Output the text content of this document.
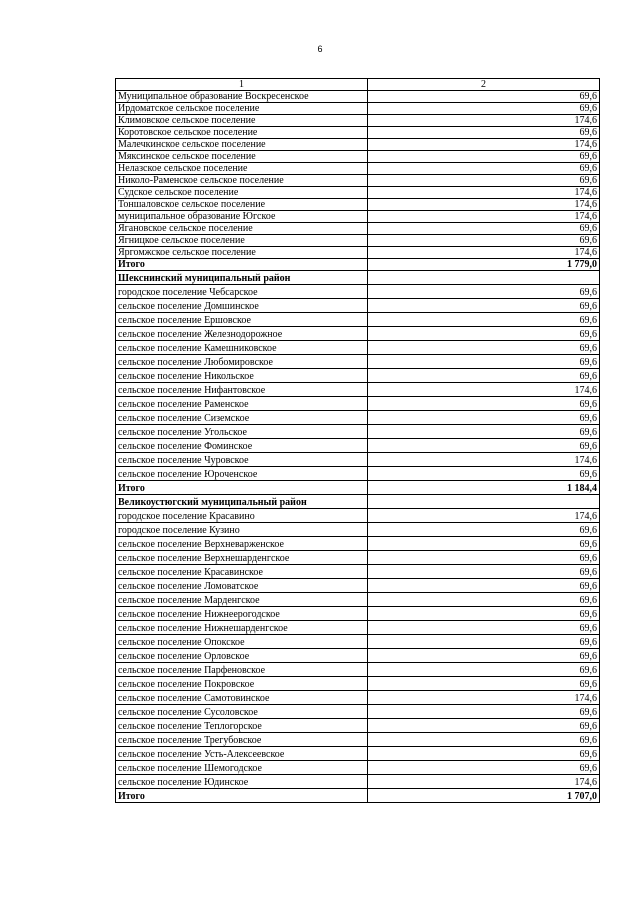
6
1	2
Муниципальное образование Воскресенское	69,6
Ирдоматское сельское поселение	69,6
Климовское сельское поселение	174,6
Коротовское сельское поселение	69,6
Малечкинское сельское поселение	174,6
Мяксинское сельское поселение	69,6
Нелазское сельское поселение	69,6
Николо-Раменское сельское поселение	69,6
Судское сельское поселение	174,6
Тоншаловское сельское поселение	174,6
муниципальное образование Югское	174,6
Ягановское сельское поселение	69,6
Ягницкое сельское поселение	69,6
Яргомжское сельское поселение	174,6
Итого	1 779,0
Шекснинский муниципальный район	
городское поселение Чебсарское	69,6
сельское поселение Домшинское	69,6
сельское поселение Ершовское	69,6
сельское поселение Железнодорожное	69,6
сельское поселение Камешниковское	69,6
сельское поселение Любомировское	69,6
сельское поселение Никольское	69,6
сельское поселение Нифантовское	174,6
сельское поселение Раменское	69,6
сельское поселение Сиземское	69,6
сельское поселение Угольское	69,6
сельское поселение Фоминское	69,6
сельское поселение Чуровское	174,6
сельское поселение Юроченское	69,6
Итого	1 184,4
Великоустюгский муниципальный район	
городское поселение Красавино	174,6
городское поселение Кузино	69,6
сельское поселение Верхневарженское	69,6
сельское поселение Верхнешарденгское	69,6
сельское поселение Красавинское	69,6
сельское поселение Ломоватское	69,6
сельское поселение Марденгское	69,6
сельское поселение Нижнеерогодское	69,6
сельское поселение Нижнешарденгское	69,6
сельское поселение Опокское	69,6
сельское поселение Орловское	69,6
сельское поселение Парфеновское	69,6
сельское поселение Покровское	69,6
сельское поселение Самотовинское	174,6
сельское поселение Сусоловское	69,6
сельское поселение Теплогорское	69,6
сельское поселение Трегубовское	69,6
сельское поселение Усть-Алексеевское	69,6
сельское поселение Шемогодское	69,6
сельское поселение Юдинское	174,6
Итого	1 707,0
